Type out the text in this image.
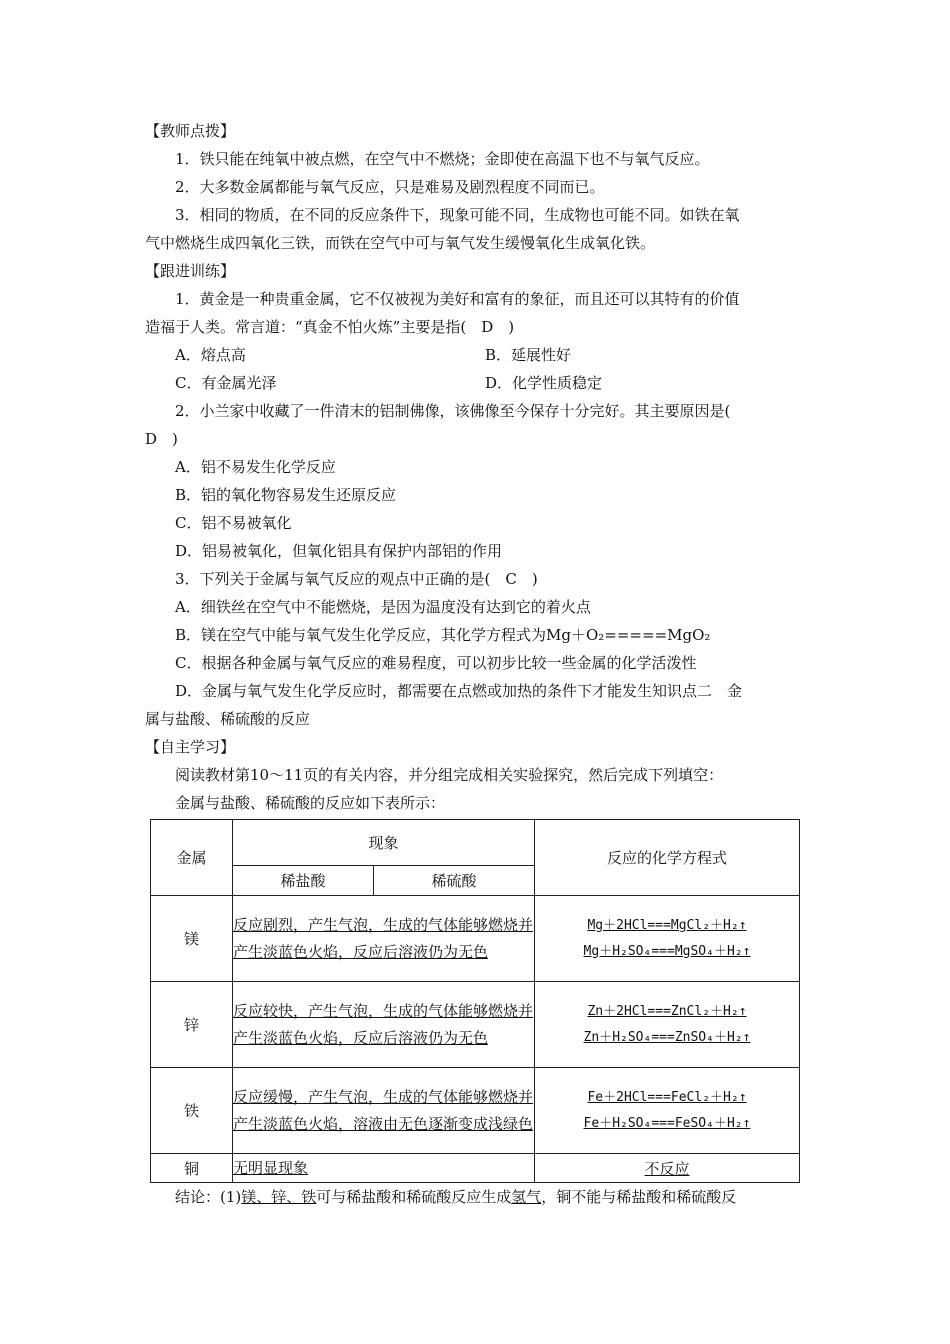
【教师点拨】
1．铁只能在纯氧中被点燃，在空气中不燃烧；金即使在高温下也不与氧气反应。
2．大多数金属都能与氧气反应，只是难易及剧烈程度不同而已。
3．相同的物质，在不同的反应条件下，现象可能不同，生成物也可能不同。如铁在氧
气中燃烧生成四氧化三铁，而铁在空气中可与氧气发生缓慢氧化生成氧化铁。
【跟进训练】
1．黄金是一种贵重金属，它不仅被视为美好和富有的象征，而且还可以其特有的价值
造福于人类。常言道：“真金不怕火炼”主要是指(　D　)
A．熔点高	B．延展性好
C．有金属光泽	D．化学性质稳定
2．小兰家中收藏了一件清末的铝制佛像，该佛像至今保存十分完好。其主要原因是(
D　)
A．铝不易发生化学反应
B．铝的氧化物容易发生还原反应
C．铝不易被氧化
D．铝易被氧化，但氧化铝具有保护内部铝的作用
3．下列关于金属与氧气反应的观点中正确的是(　C　)
A．细铁丝在空气中不能燃烧，是因为温度没有达到它的着火点
B．镁在空气中能与氧气发生化学反应，其化学方程式为Mg＋O₂=====MgO₂
C．根据各种金属与氧气反应的难易程度，可以初步比较一些金属的化学活泼性
D．金属与氧气发生化学反应时，都需要在点燃或加热的条件下才能发生知识点二　金
属与盐酸、稀硫酸的反应
【自主学习】
阅读教材第10～11页的有关内容，并分组完成相关实验探究，然后完成下列填空：
金属与盐酸、稀硫酸的反应如下表所示：
金属	现象		反应的化学方程式
	稀盐酸	稀硫酸	
镁	反应剧烈，产生气泡，生成的气体能够燃烧并产生淡蓝色火焰，反应后溶液仍为无色		Mg＋2HCl===MgCl₂＋H₂↑
Mg＋H₂SO₄===MgSO₄＋H₂↑

锌	反应较快，产生气泡，生成的气体能够燃烧并产生淡蓝色火焰，反应后溶液仍为无色		Zn＋2HCl===ZnCl₂＋H₂↑
Zn＋H₂SO₄===ZnSO₄＋H₂↑

铁	反应缓慢，产生气泡，生成的气体能够燃烧并产生淡蓝色火焰，溶液由无色逐渐变成浅绿色		Fe＋2HCl===FeCl₂＋H₂↑
Fe＋H₂SO₄===FeSO₄＋H₂↑

铜	无明显现象		不反应
结论：(1)镁、锌、铁可与稀盐酸和稀硫酸反应生成氢气，铜不能与稀盐酸和稀硫酸反
